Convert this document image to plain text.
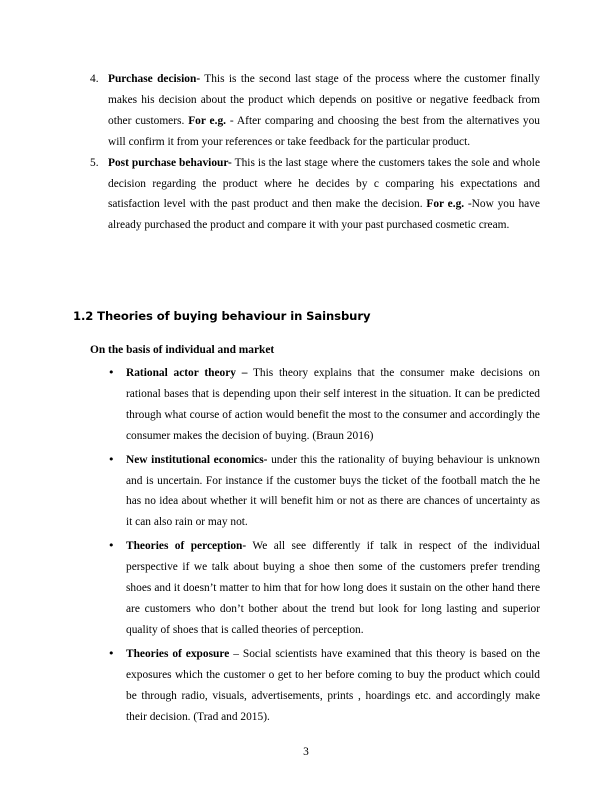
4. Purchase decision- This is the second last stage of the process where the customer finally makes his decision about the product which depends on positive or negative feedback from other customers. For e.g. - After comparing and choosing the best from the alternatives you will confirm it from your references or take feedback for the particular product.
5. Post purchase behaviour- This is the last stage where the customers takes the sole and whole decision regarding the product where he decides by c comparing his expectations and satisfaction level with the past product and then make the decision. For e.g. -Now you have already purchased the product and compare it with your past purchased cosmetic cream.
1.2 Theories of buying behaviour in Sainsbury
On the basis of individual and market
• Rational actor theory – This theory explains that the consumer make decisions on rational bases that is depending upon their self interest in the situation. It can be predicted through what course of action would benefit the most to the consumer and accordingly the consumer makes the decision of buying. (Braun 2016)
• New institutional economics- under this the rationality of buying behaviour is unknown and is uncertain. For instance if the customer buys the ticket of the football match the he has no idea about whether it will benefit him or not as there are chances of uncertainty as it can also rain or may not.
• Theories of perception- We all see differently if talk in respect of the individual perspective if we talk about buying a shoe then some of the customers prefer trending shoes and it doesn’t matter to him that for how long does it sustain on the other hand there are customers who don’t bother about the trend but look for long lasting and superior quality of shoes that is called theories of perception.
• Theories of exposure – Social scientists have examined that this theory is based on the exposures which the customer o get to her before coming to buy the product which could be through radio, visuals, advertisements, prints , hoardings etc. and accordingly make their decision. (Trad and 2015).
3
